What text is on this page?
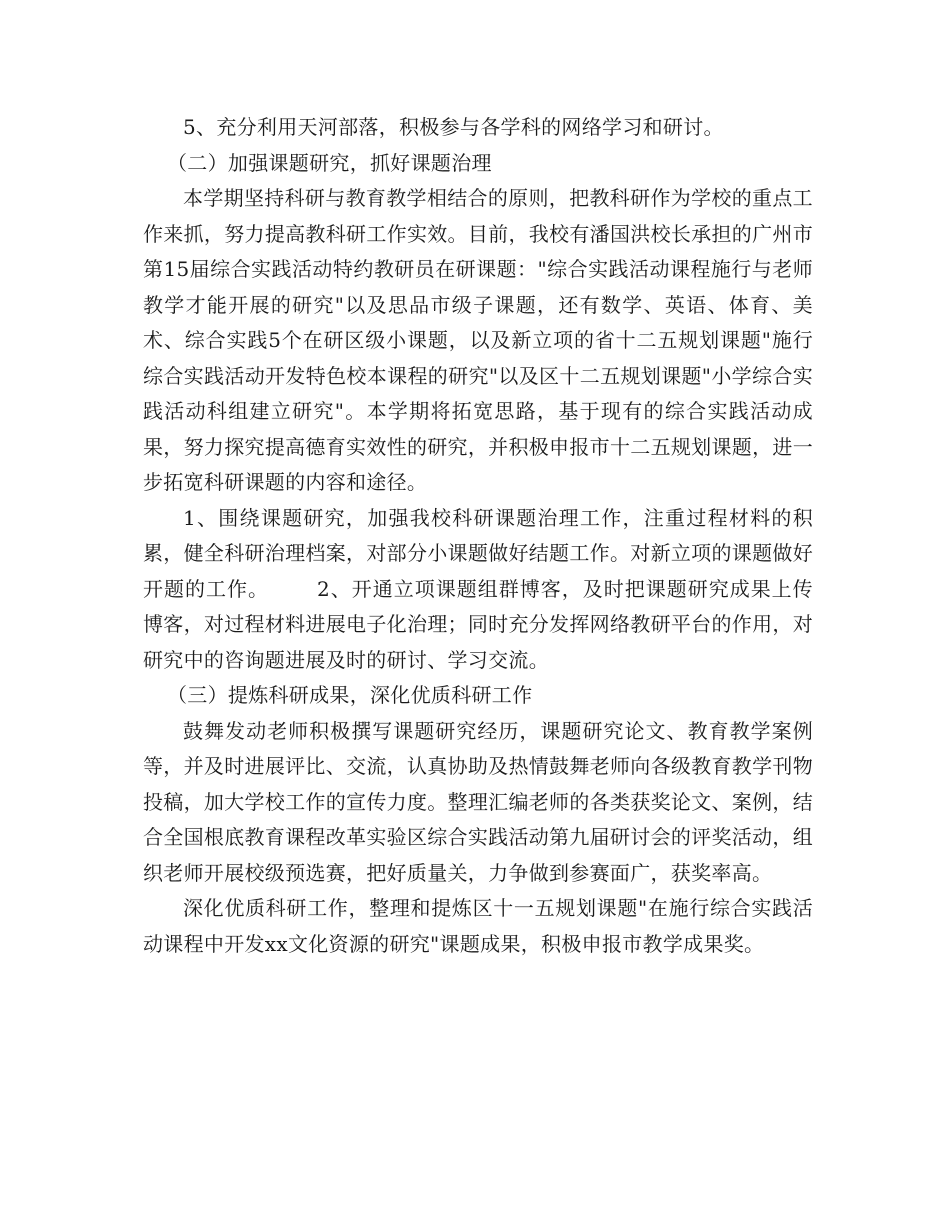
5、充分利用天河部落，积极参与各学科的网络学习和研讨。

（二）加强课题研究，抓好课题治理

本学期坚持科研与教育教学相结合的原则，把教科研作为学校的重点工作来抓，努力提高教科研工作实效。目前，我校有潘国洪校长承担的广州市第15届综合实践活动特约教研员在研课题："综合实践活动课程施行与老师教学才能开展的研究"以及思品市级子课题，还有数学、英语、体育、美术、综合实践5个在研区级小课题，以及新立项的省十二五规划课题"施行综合实践活动开发特色校本课程的研究"以及区十二五规划课题"小学综合实践活动科组建立研究"。本学期将拓宽思路，基于现有的综合实践活动成果，努力探究提高德育实效性的研究，并积极申报市十二五规划课题，进一步拓宽科研课题的内容和途径。

1、围绕课题研究，加强我校科研课题治理工作，注重过程材料的积累，健全科研治理档案，对部分小课题做好结题工作。对新立项的课题做好开题的工作。 2、开通立项课题组群博客，及时把课题研究成果上传博客，对过程材料进展电子化治理；同时充分发挥网络教研平台的作用，对研究中的咨询题进展及时的研讨、学习交流。

（三）提炼科研成果，深化优质科研工作

鼓舞发动老师积极撰写课题研究经历，课题研究论文、教育教学案例等，并及时进展评比、交流，认真协助及热情鼓舞老师向各级教育教学刊物投稿，加大学校工作的宣传力度。整理汇编老师的各类获奖论文、案例，结合全国根底教育课程改革实验区综合实践活动第九届研讨会的评奖活动，组织老师开展校级预选赛，把好质量关，力争做到参赛面广，获奖率高。

深化优质科研工作，整理和提炼区十一五规划课题"在施行综合实践活动课程中开发xx文化资源的研究"课题成果，积极申报市教学成果奖。
